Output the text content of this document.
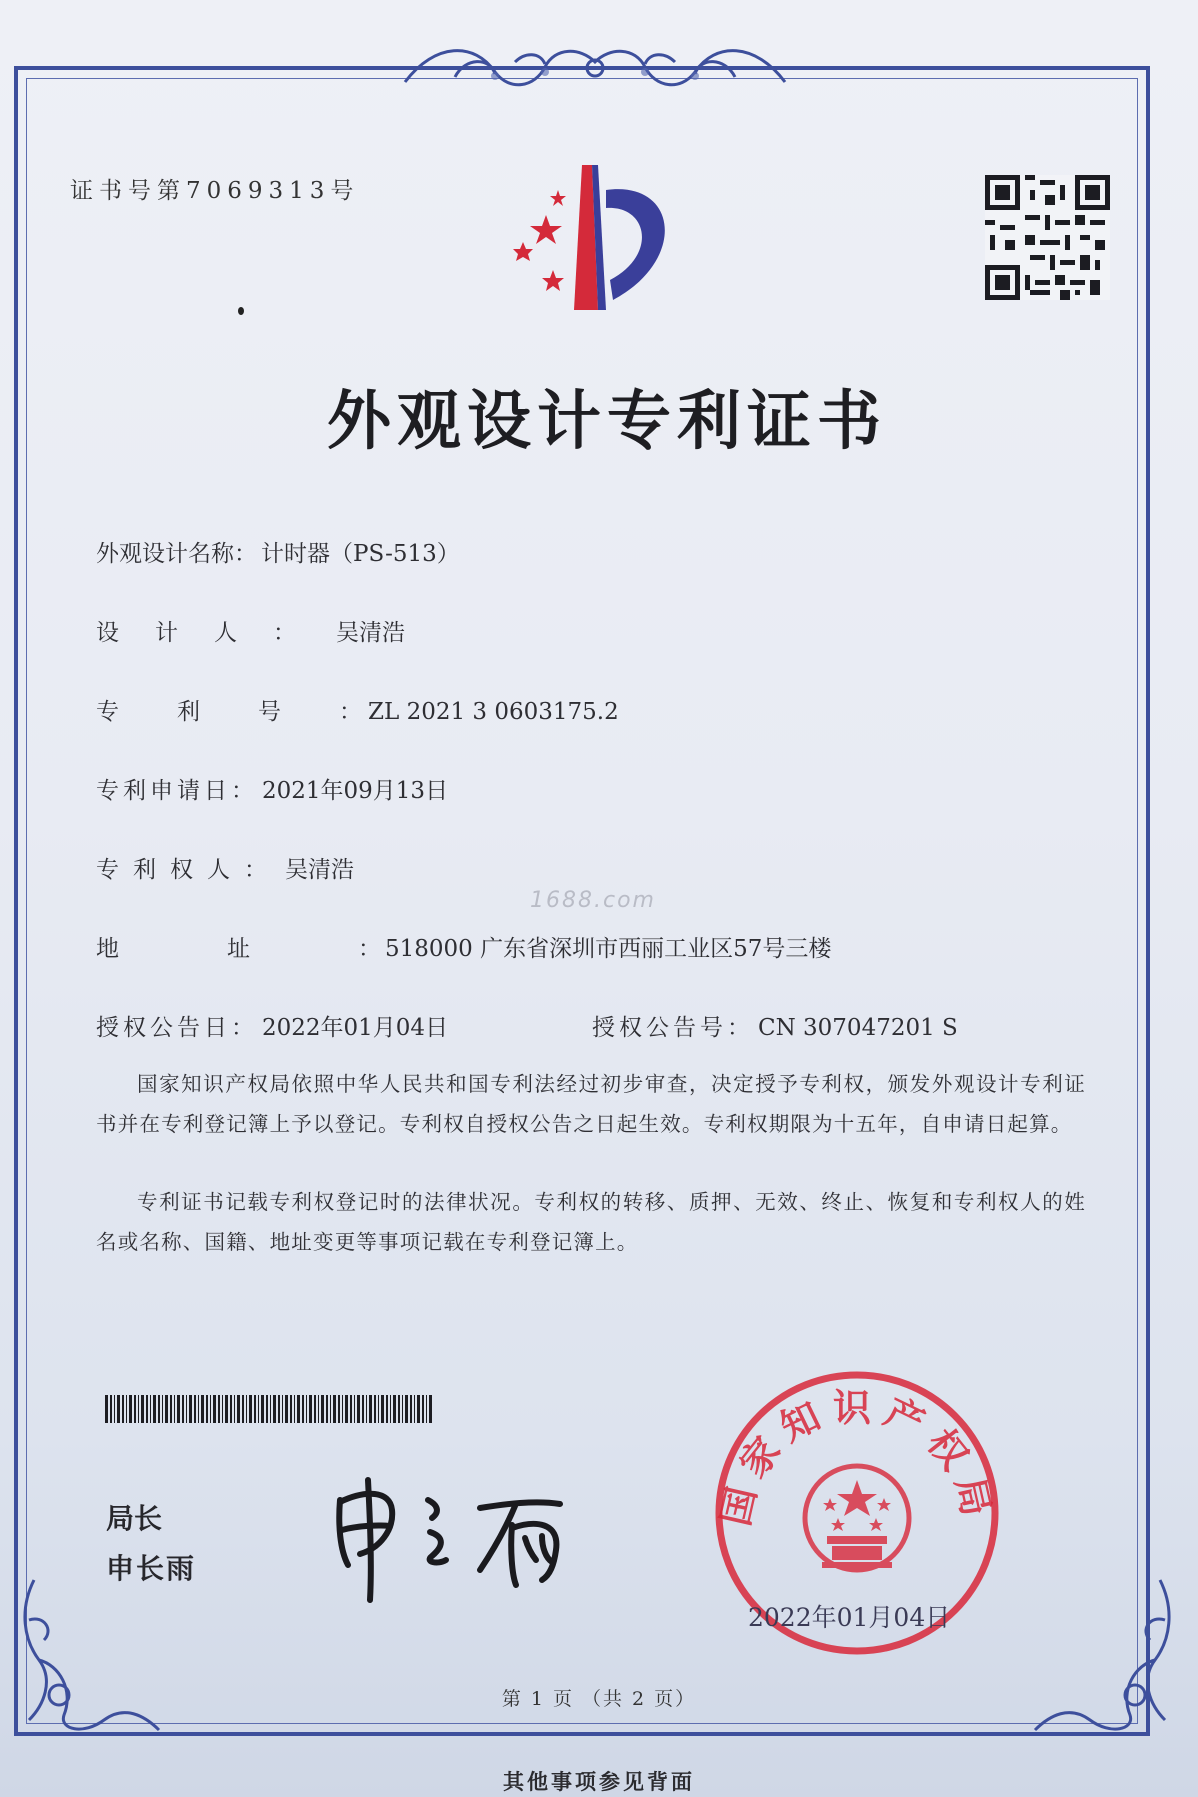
证书号第7069313号
外观设计专利证书
外观设计名称： 计时器（PS-513）
设计人： 吴清浩
专利号：ZL 2021 3 0603175.2
专利申请日： 2021年09月13日
专利权人： 吴清浩
地址：518000 广东省深圳市西丽工业区57号三楼
授权公告日： 2022年01月04日	授权公告号： CN 307047201 S
1688.com
国家知识产权局依照中华人民共和国专利法经过初步审查，决定授予专利权，颁发外观设计专利证书并在专利登记簿上予以登记。专利权自授权公告之日起生效。专利权期限为十五年，自申请日起算。
专利证书记载专利权登记时的法律状况。专利权的转移、质押、无效、终止、恢复和专利权人的姓名或名称、国籍、地址变更等事项记载在专利登记簿上。
局长
申长雨
国家知识产权局
2022年01月04日
第 1 页 （共 2 页）
其他事项参见背面
